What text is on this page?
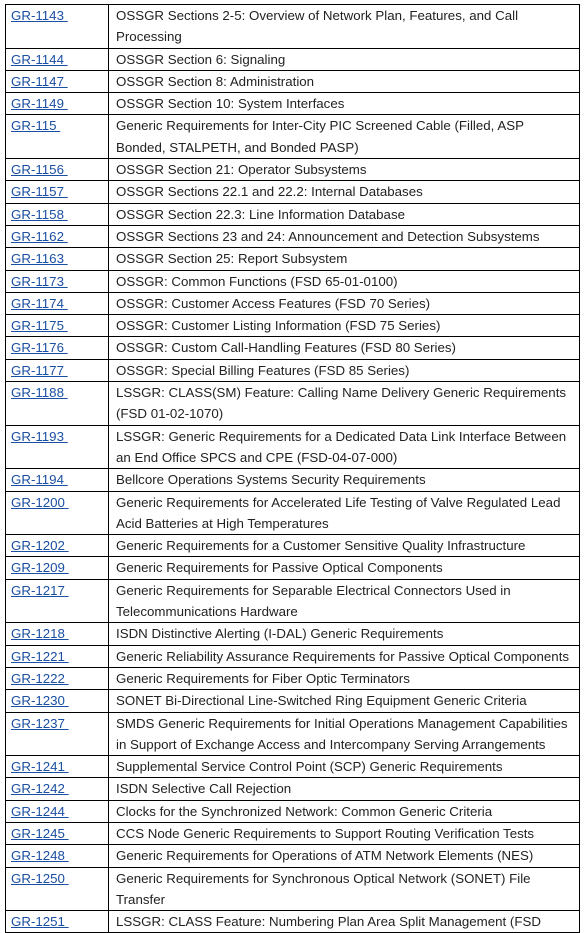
GR-1143	OSSGR Sections 2-5: Overview of Network Plan, Features, and Call Processing
GR-1144	OSSGR Section 6: Signaling
GR-1147	OSSGR Section 8: Administration
GR-1149	OSSGR Section 10: System Interfaces
GR-115	Generic Requirements for Inter-City PIC Screened Cable (Filled, ASP Bonded, STALPETH, and Bonded PASP)
GR-1156	OSSGR Section 21: Operator Subsystems
GR-1157	OSSGR Sections 22.1 and 22.2: Internal Databases
GR-1158	OSSGR Section 22.3: Line Information Database
GR-1162	OSSGR Sections 23 and 24: Announcement and Detection Subsystems
GR-1163	OSSGR Section 25: Report Subsystem
GR-1173	OSSGR: Common Functions (FSD 65-01-0100)
GR-1174	OSSGR: Customer Access Features (FSD 70 Series)
GR-1175	OSSGR: Customer Listing Information (FSD 75 Series)
GR-1176	OSSGR: Custom Call-Handling Features (FSD 80 Series)
GR-1177	OSSGR: Special Billing Features (FSD 85 Series)
GR-1188	LSSGR: CLASS(SM) Feature: Calling Name Delivery Generic Requirements (FSD 01-02-1070)
GR-1193	LSSGR: Generic Requirements for a Dedicated Data Link Interface Between an End Office SPCS and CPE (FSD-04-07-000)
GR-1194	Bellcore Operations Systems Security Requirements
GR-1200	Generic Requirements for Accelerated Life Testing of Valve Regulated Lead Acid Batteries at High Temperatures
GR-1202	Generic Requirements for a Customer Sensitive Quality Infrastructure
GR-1209	Generic Requirements for Passive Optical Components
GR-1217	Generic Requirements for Separable Electrical Connectors Used in Telecommunications Hardware
GR-1218	ISDN Distinctive Alerting (I-DAL) Generic Requirements
GR-1221	Generic Reliability Assurance Requirements for Passive Optical Components
GR-1222	Generic Requirements for Fiber Optic Terminators
GR-1230	SONET Bi-Directional Line-Switched Ring Equipment Generic Criteria
GR-1237	SMDS Generic Requirements for Initial Operations Management Capabilities in Support of Exchange Access and Intercompany Serving Arrangements
GR-1241	Supplemental Service Control Point (SCP) Generic Requirements
GR-1242	ISDN Selective Call Rejection
GR-1244	Clocks for the Synchronized Network: Common Generic Criteria
GR-1245	CCS Node Generic Requirements to Support Routing Verification Tests
GR-1248	Generic Requirements for Operations of ATM Network Elements (NES)
GR-1250	Generic Requirements for Synchronous Optical Network (SONET) File Transfer
GR-1251	LSSGR: CLASS Feature: Numbering Plan Area Split Management (FSD
